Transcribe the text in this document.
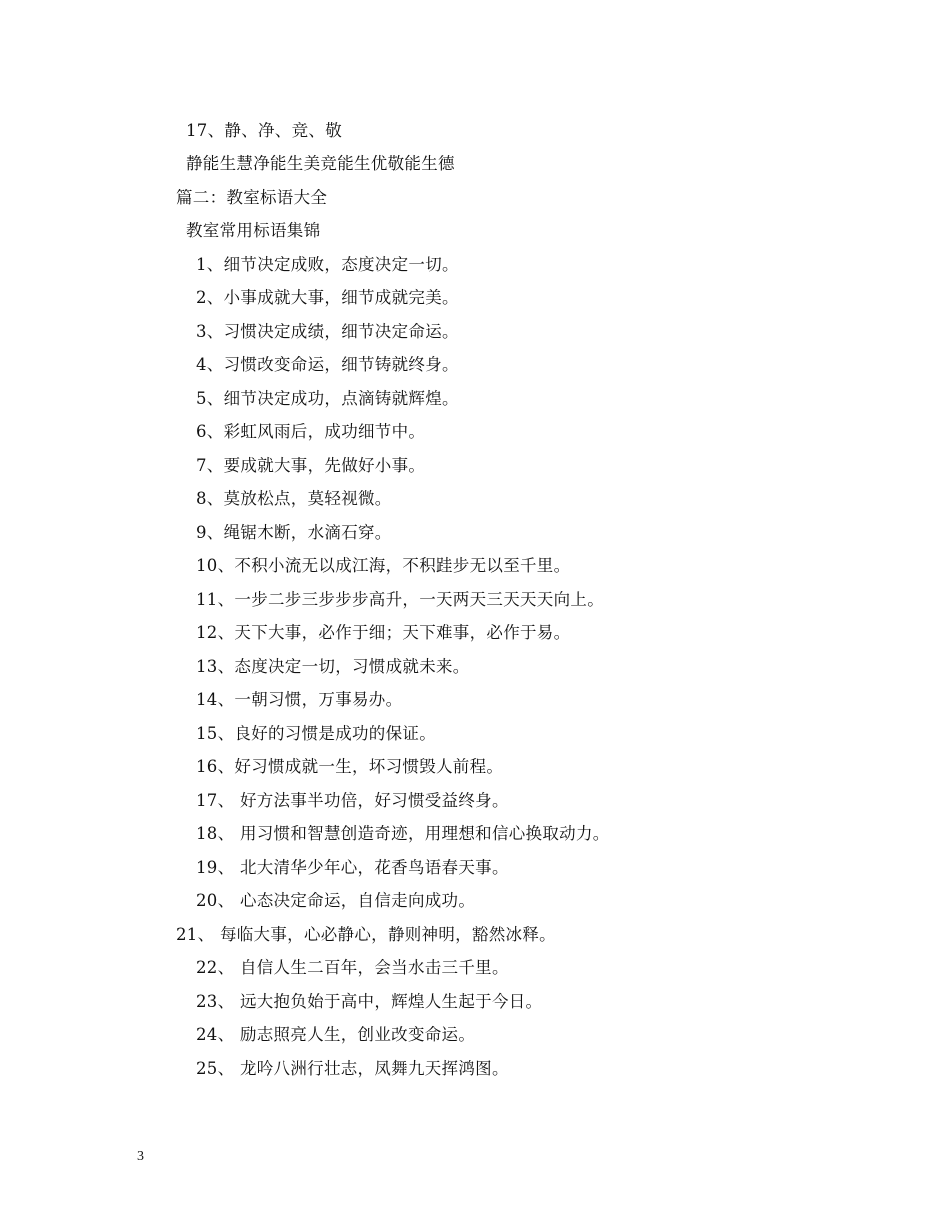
17、静、净、竞、敬
静能生慧净能生美竞能生优敬能生德
篇二：教室标语大全
教室常用标语集锦
1、细节决定成败，态度决定一切。
2、小事成就大事，细节成就完美。
3、习惯决定成绩，细节决定命运。
4、习惯改变命运，细节铸就终身。
5、细节决定成功，点滴铸就辉煌。
6、彩虹风雨后，成功细节中。
7、要成就大事，先做好小事。
8、莫放松点，莫轻视微。
9、绳锯木断，水滴石穿。
10、不积小流无以成江海，不积跬步无以至千里。
11、一步二步三步步步高升，一天两天三天天天向上。
12、天下大事，必作于细；天下难事，必作于易。
13、态度决定一切，习惯成就未来。
14、一朝习惯，万事易办。
15、良好的习惯是成功的保证。
16、好习惯成就一生，坏习惯毁人前程。
17、 好方法事半功倍，好习惯受益终身。
18、 用习惯和智慧创造奇迹，用理想和信心换取动力。
19、 北大清华少年心，花香鸟语春天事。
20、 心态决定命运，自信走向成功。
21、 每临大事，心必静心，静则神明，豁然冰释。
22、 自信人生二百年，会当水击三千里。
23、 远大抱负始于高中，辉煌人生起于今日。
24、 励志照亮人生，创业改变命运。
25、 龙吟八洲行壮志，凤舞九天挥鸿图。
3
